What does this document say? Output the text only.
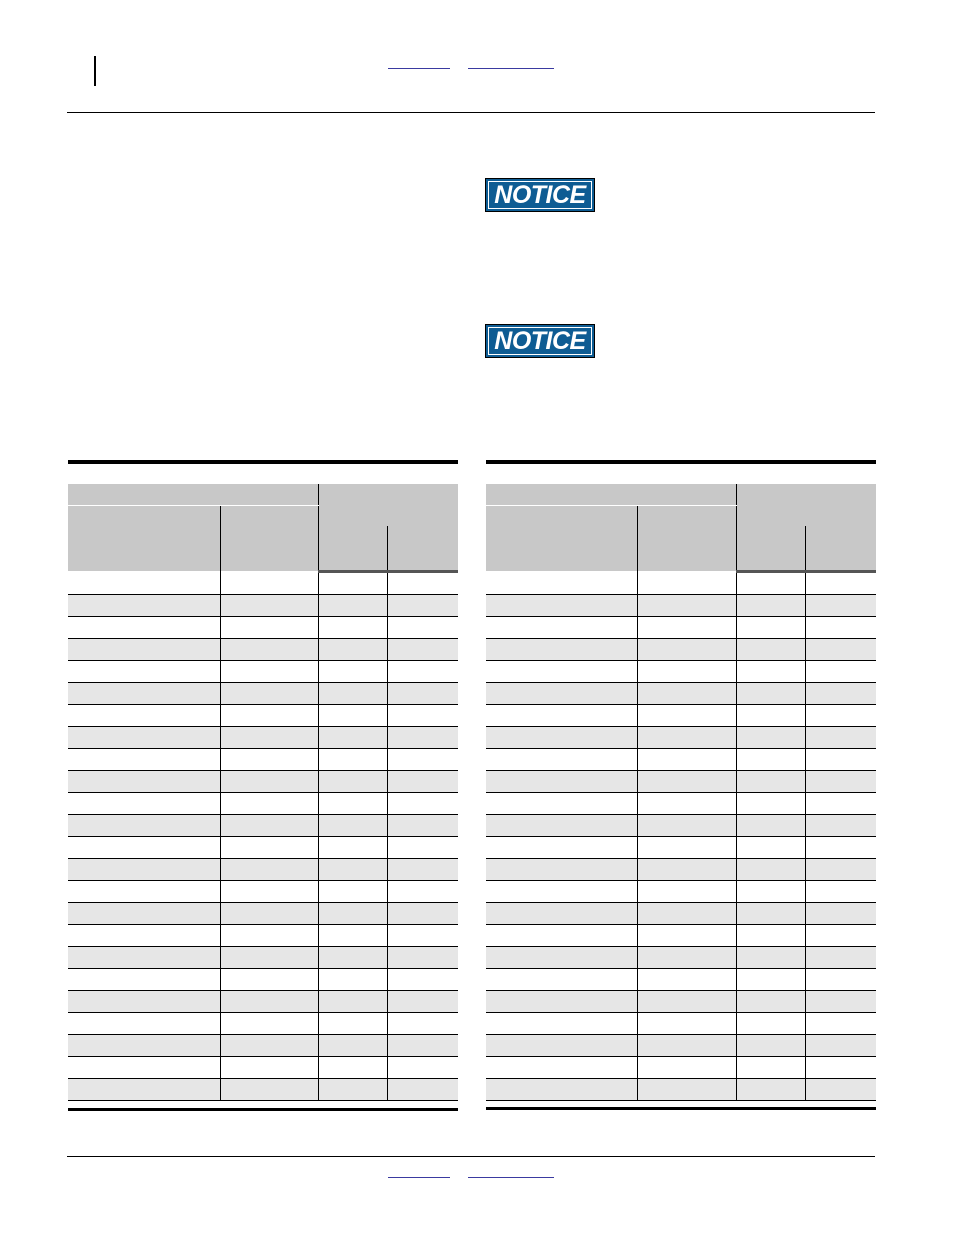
NOTICE
NOTICE
